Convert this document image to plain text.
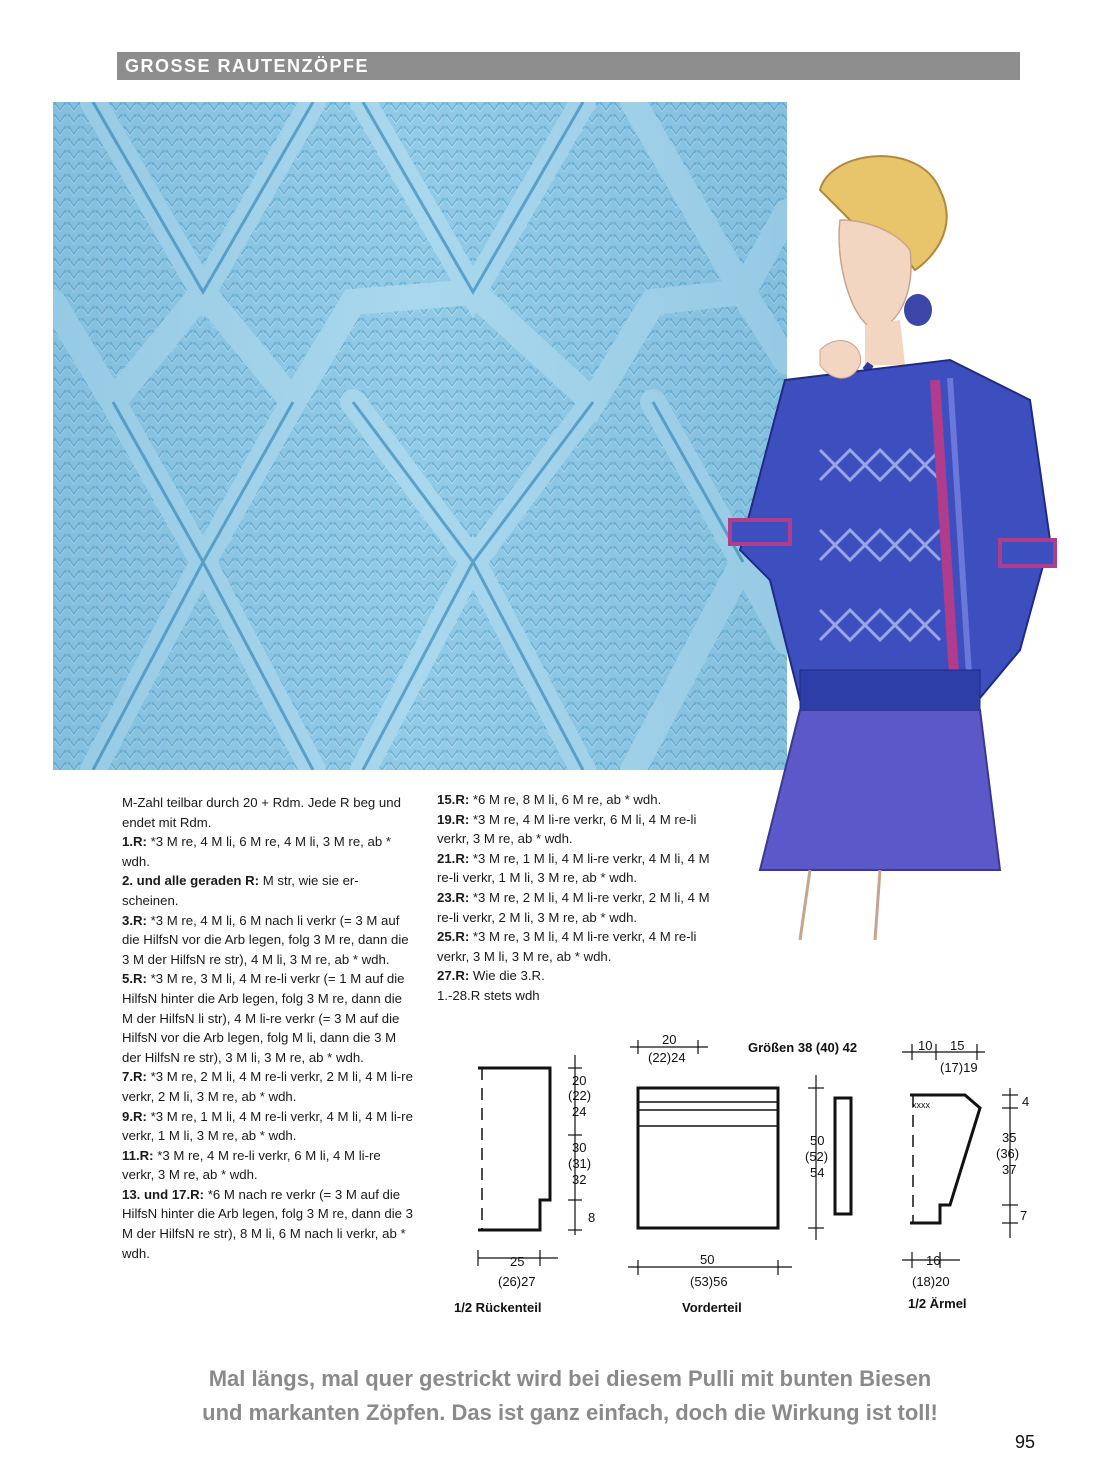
GROSSE RAUTENZÖPFE

M-Zahl teilbar durch 20 + Rdm. Jede R beg und endet mit Rdm.

1.R: *3 M re, 4 M li, 6 M re, 4 M li, 3 M re, ab * wdh.

2. und alle geraden R: M str, wie sie er-scheinen.

3.R: *3 M re, 4 M li, 6 M nach li verkr (= 3 M auf die HilfsN vor die Arb legen, folg 3 M re, dann die 3 M der HilfsN re str), 4 M li, 3 M re, ab * wdh.

5.R: *3 M re, 3 M li, 4 M re-li verkr (= 1 M auf die HilfsN hinter die Arb legen, folg 3 M re, dann die M der HilfsN li str), 4 M li-re verkr (= 3 M auf die HilfsN vor die Arb legen, folg M li, dann die 3 M der HilfsN re str), 3 M li, 3 M re, ab * wdh.

7.R: *3 M re, 2 M li, 4 M re-li verkr, 2 M li, 4 M li-re verkr, 2 M li, 3 M re, ab * wdh.

9.R: *3 M re, 1 M li, 4 M re-li verkr, 4 M li, 4 M li-re verkr, 1 M li, 3 M re, ab * wdh.

11.R: *3 M re, 4 M re-li verkr, 6 M li, 4 M li-re verkr, 3 M re, ab * wdh.

13. und 17.R: *6 M nach re verkr (= 3 M auf die HilfsN hinter die Arb legen, folg 3 M re, dann die 3 M der HilfsN re str), 8 M li, 6 M nach li verkr, ab * wdh.

15.R: *6 M re, 8 M li, 6 M re, ab * wdh.

19.R: *3 M re, 4 M li-re verkr, 6 M li, 4 M re-li verkr, 3 M re, ab * wdh.

21.R: *3 M re, 1 M li, 4 M li-re verkr, 4 M li, 4 M re-li verkr, 1 M li, 3 M re, ab * wdh.

23.R: *3 M re, 2 M li, 4 M li-re verkr, 2 M li, 4 M re-li verkr, 2 M li, 3 M re, ab * wdh.

25.R: *3 M re, 3 M li, 4 M li-re verkr, 4 M re-li verkr, 3 M li, 3 M re, ab * wdh.

27.R: Wie die 3.R.

1.-28.R stets wdh

20
(22)
24
30
(31)
32
8
25
(26)27
1/2 Rückenteil
20
(22)24
Größen 38 (40) 42
50
(52)
54
50
(53)56
Vorderteil
10 15
(17)19
xxxx	4
35
(36)
37
7
16
(18)20
1/2 Ärmel
Mal längs, mal quer gestrickt wird bei diesem Pulli mit bunten Biesen
und markanten Zöpfen. Das ist ganz einfach, doch die Wirkung ist toll!
95
